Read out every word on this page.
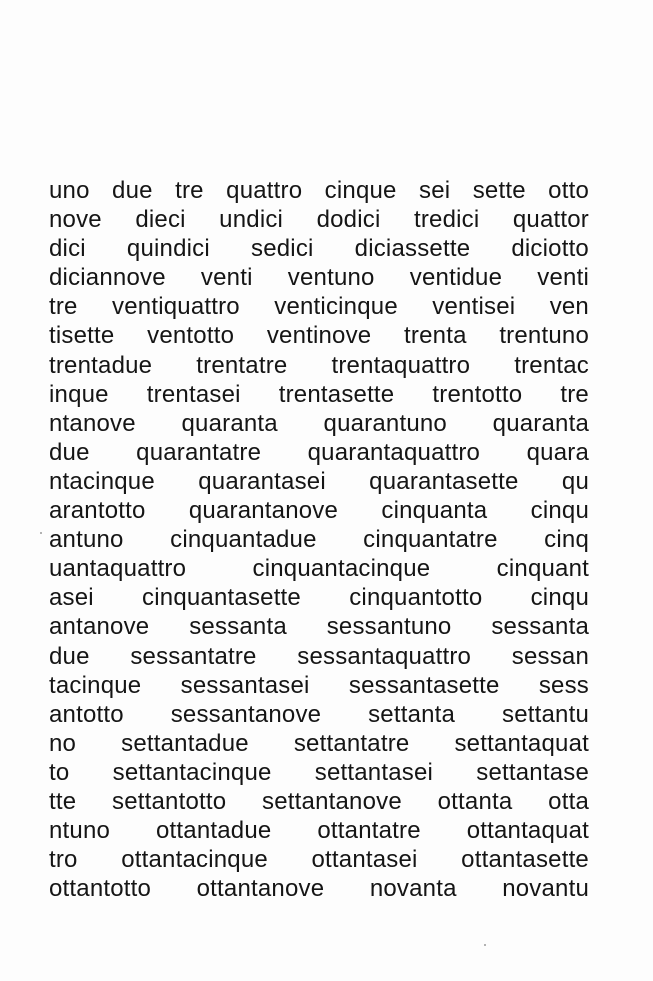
uno due tre quattro cinque sei sette otto
nove dieci undici dodici tredici quattor
dici quindici sedici diciassette diciotto
diciannove venti ventuno ventidue venti
tre ventiquattro venticinque ventisei ven
tisette ventotto ventinove trenta trentuno
trentadue trentatre trentaquattro trentac
inque trentasei trentasette trentotto tre
ntanove quaranta quarantuno quaranta
due quarantatre quarantaquattro quara
ntacinque quarantasei quarantasette qu
arantotto quarantanove cinquanta cinqu
antuno cinquantadue cinquantatre cinq
uantaquattro cinquantacinque cinquant
asei cinquantasette cinquantotto cinqu
antanove sessanta sessantuno sessanta
due sessantatre sessantaquattro sessan
tacinque sessantasei sessantasette sess
antotto sessantanove settanta settantu
no settantadue settantatre settantaquat
to settantacinque settantasei settantase
tte settantotto settantanove ottanta otta
ntuno ottantadue ottantatre ottantaquat
tro ottantacinque ottantasei ottantasette
ottantotto ottantanove novanta novantu
